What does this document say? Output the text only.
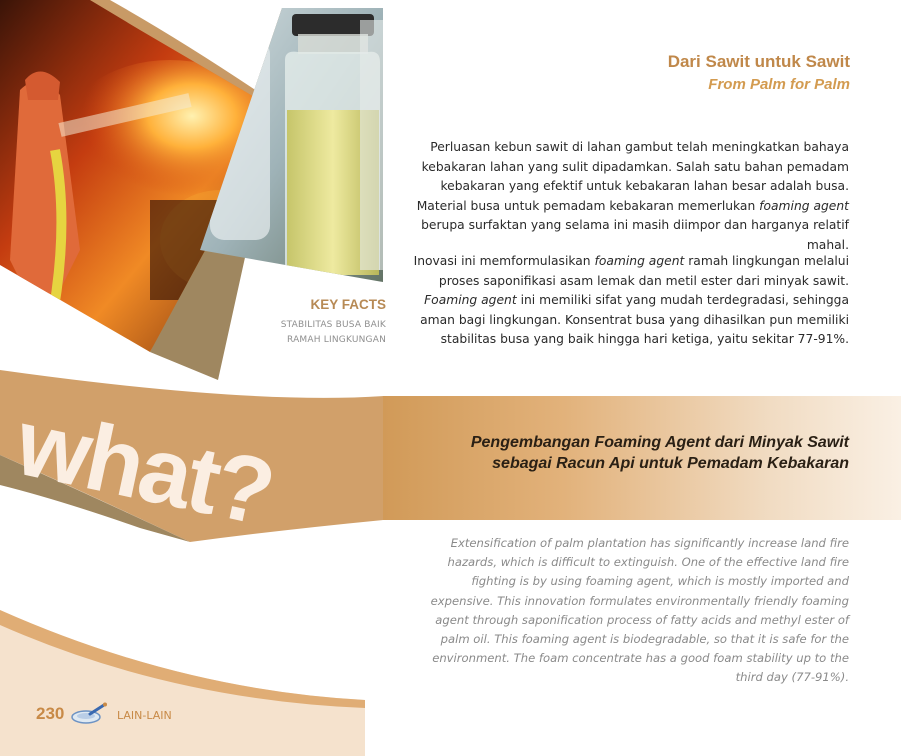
Dari Sawit untuk Sawit
From Palm for Palm
Perluasan kebun sawit di lahan gambut telah meningkatkan bahaya kebakaran lahan yang sulit dipadamkan. Salah satu bahan pemadam kebakaran yang efektif untuk kebakaran lahan besar adalah busa. Material busa untuk pemadam kebakaran memerlukan foaming agent berupa surfaktan yang selama ini masih diimpor dan harganya relatif mahal.
Inovasi ini memformulasikan foaming agent ramah lingkungan melalui proses saponifikasi asam lemak dan metil ester dari minyak sawit. Foaming agent ini memiliki sifat yang mudah terdegradasi, sehingga aman bagi lingkungan. Konsentrat busa yang dihasilkan pun memiliki stabilitas busa yang baik hingga hari ketiga, yaitu sekitar 77-91%.
KEY FACTS
STABILITAS BUSA BAIK
RAMAH LINGKUNGAN
what?	Pengembangan Foaming Agent dari Minyak Sawit
sebagai Racun Api untuk Pemadam Kebakaran
Extensification of palm plantation has significantly increase land fire hazards, which is difficult to extinguish. One of the effective land fire fighting is by using foaming agent, which is mostly imported and expensive. This innovation formulates environmentally friendly foaming agent through saponification process of fatty acids and methyl ester of palm oil. This foaming agent is biodegradable, so that it is safe for the environment. The foam concentrate has a good foam stability up to the third day (77-91%).
230	LAIN-LAIN
